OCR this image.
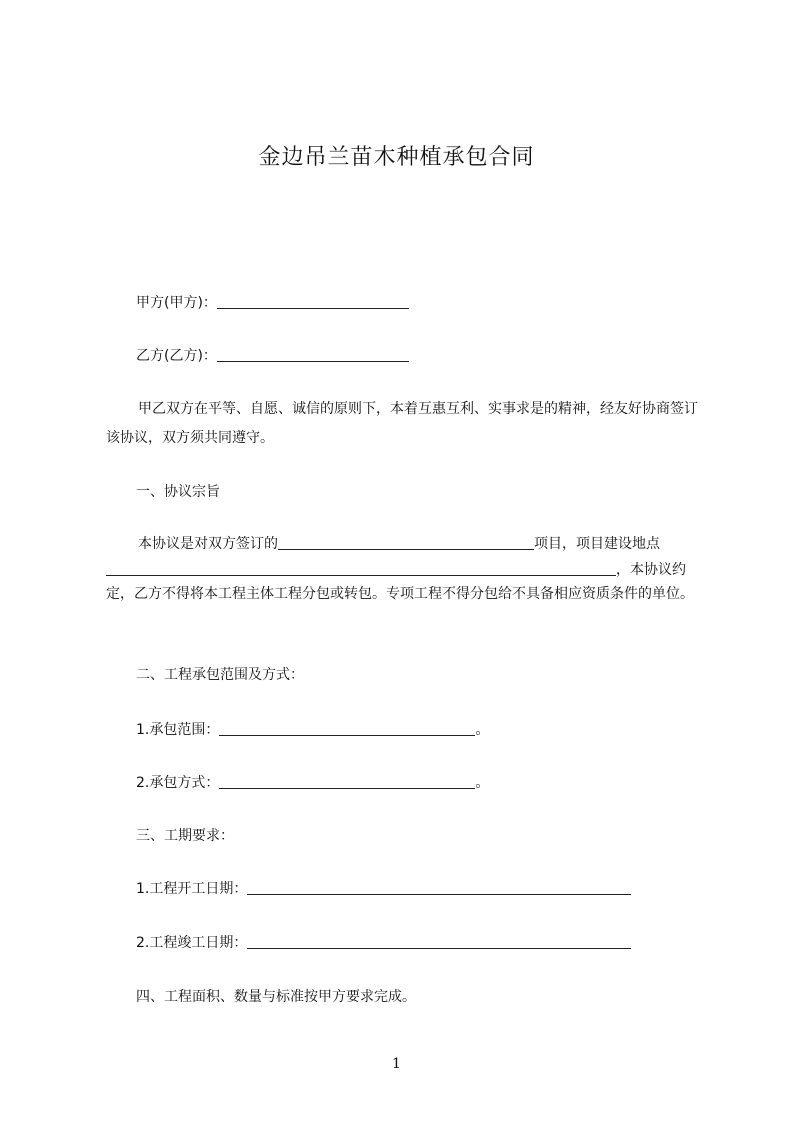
金边吊兰苗木种植承包合同
甲方(甲方)：
乙方(乙方)：
甲乙双方在平等、自愿、诚信的原则下，本着互惠互利、实事求是的精神，经友好协商签订该协议，双方须共同遵守。
一、协议宗旨
本协议是对双方签订的	项目，项目建设地点
，本协议约
定，乙方不得将本工程主体工程分包或转包。专项工程不得分包给不具备相应资质条件的单位。
二、工程承包范围及方式：
1.承包范围：	。
2.承包方式：	。
三、工期要求：
1.工程开工日期：
2.工程竣工日期：
四、工程面积、数量与标准按甲方要求完成。
1
